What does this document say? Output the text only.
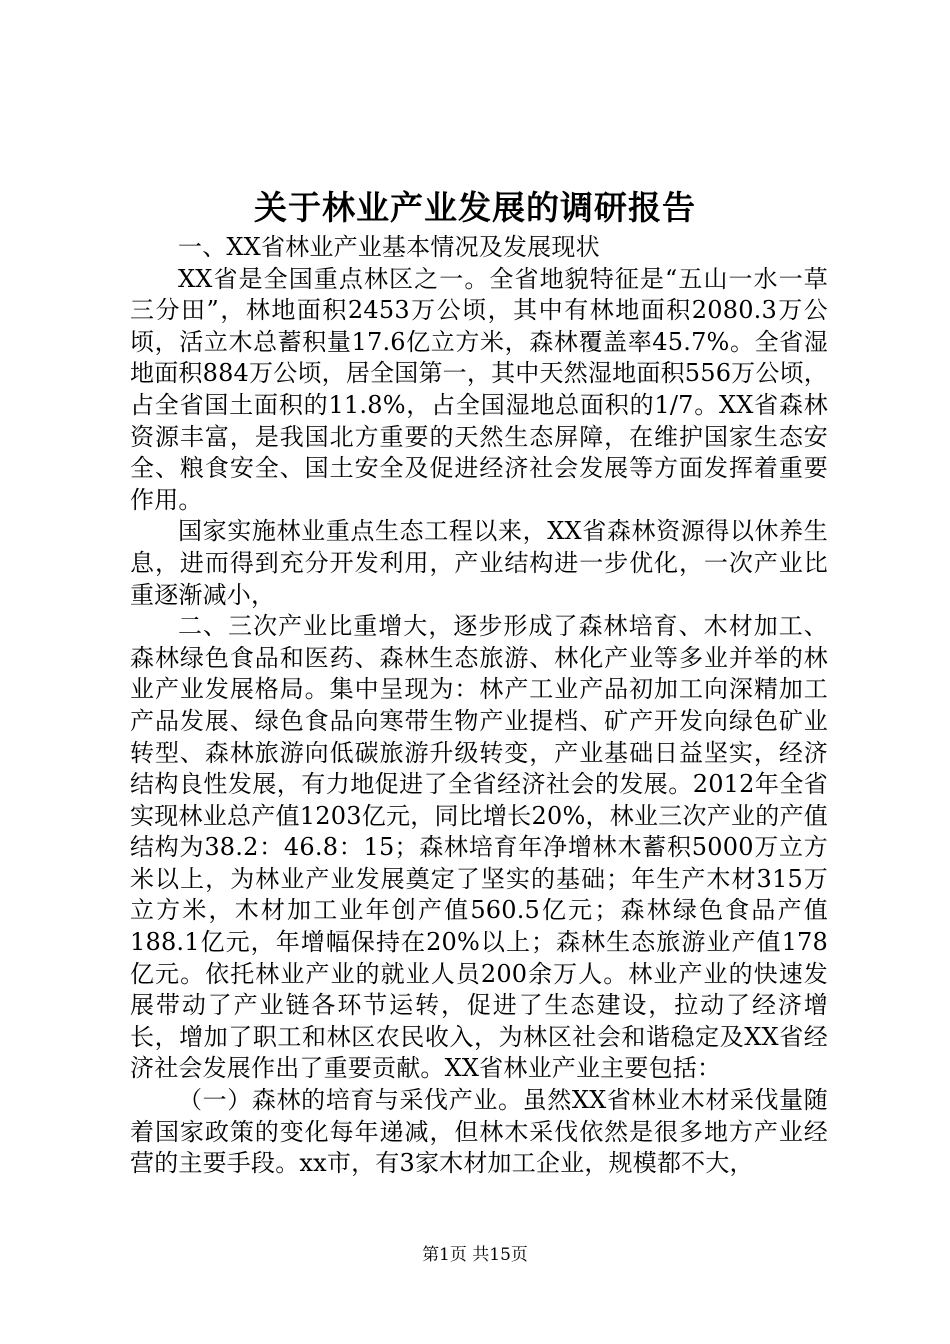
关于林业产业发展的调研报告

一、XX省林业产业基本情况及发展现状

XX省是全国重点林区之一。全省地貌特征是“五山一水一草三分田”，林地面积2453万公顷，其中有林地面积2080.3万公顷，活立木总蓄积量17.6亿立方米，森林覆盖率45.7%。全省湿地面积884万公顷，居全国第一，其中天然湿地面积556万公顷，占全省国土面积的11.8%，占全国湿地总面积的1/7。XX省森林资源丰富，是我国北方重要的天然生态屏障，在维护国家生态安全、粮食安全、国土安全及促进经济社会发展等方面发挥着重要作用。

国家实施林业重点生态工程以来，XX省森林资源得以休养生息，进而得到充分开发利用，产业结构进一步优化，一次产业比重逐渐减小，

二、三次产业比重增大，逐步形成了森林培育、木材加工、森林绿色食品和医药、森林生态旅游、林化产业等多业并举的林业产业发展格局。集中呈现为：林产工业产品初加工向深精加工产品发展、绿色食品向寒带生物产业提档、矿产开发向绿色矿业转型、森林旅游向低碳旅游升级转变，产业基础日益坚实，经济结构良性发展，有力地促进了全省经济社会的发展。2012年全省实现林业总产值1203亿元，同比增长20%，林业三次产业的产值结构为38.2：46.8：15；森林培育年净增林木蓄积5000万立方米以上，为林业产业发展奠定了坚实的基础；年生产木材315万立方米，木材加工业年创产值560.5亿元；森林绿色食品产值188.1亿元，年增幅保持在20%以上；森林生态旅游业产值178亿元。依托林业产业的就业人员200余万人。林业产业的快速发展带动了产业链各环节运转，促进了生态建设，拉动了经济增长，增加了职工和林区农民收入，为林区社会和谐稳定及XX省经济社会发展作出了重要贡献。XX省林业产业主要包括：

（一）森林的培育与采伐产业。虽然XX省林业木材采伐量随着国家政策的变化每年递减，但林木采伐依然是很多地方产业经营的主要手段。xx市，有3家木材加工企业，规模都不大，

第1页 共15页
